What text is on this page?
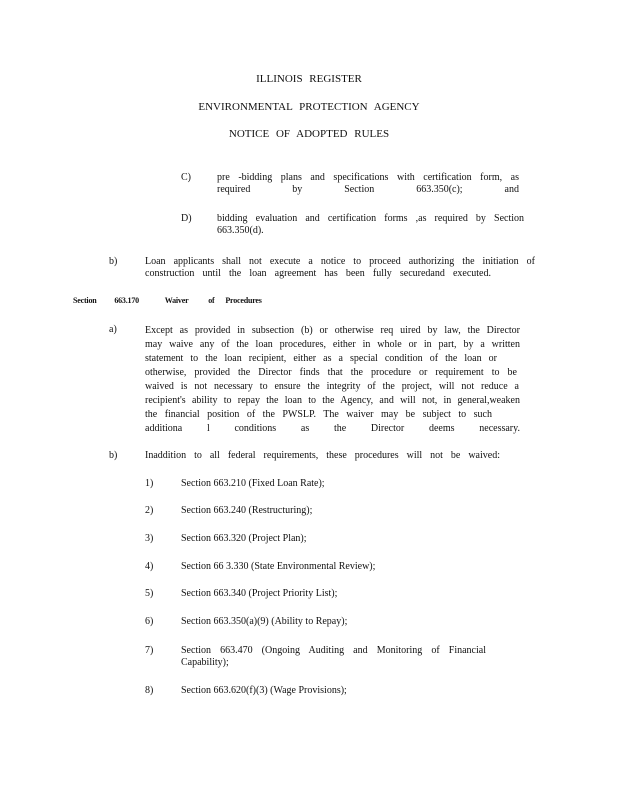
ILLINOIS REGISTER
ENVIRONMENTAL PROTECTION AGENCY
NOTICE OF ADOPTED RULES
C)	pre -bidding plans and specifications with certification form, as
required by Section 663.350(c); and
D)	bidding evaluation and certification forms ,as required by Section
663.350(d).
b)	Loan applicants shall not execute a notice to proceed authorizing the initiation of
construction until the loan agreement has been fully securedand executed.
Section 663.170	Waiver of Procedures
a)	Except as provided in subsection (b) or otherwise req uired by law, the Director
may waive any of the loan procedures, either in whole or in part, by a written
statement to the loan recipient, either as a special condition of the loan or
otherwise, provided the Director finds that the procedure or requirement to be
waived is not necessary to ensure the integrity of the project, will not reduce a
recipient's ability to repay the loan to the Agency, and will not, in general,weaken
the financial position of the PWSLP. The waiver may be subject to such
additiona l conditions as the Director deems necessary.
b)	Inaddition to all federal requirements, these procedures will not be waived:
1)	Section 663.210 (Fixed Loan Rate);
2)	Section 663.240 (Restructuring);
3)	Section 663.320 (Project Plan);
4)	Section 66 3.330 (State Environmental Review);
5)	Section 663.340 (Project Priority List);
6)	Section 663.350(a)(9) (Ability to Repay);
7)	Section 663.470 (Ongoing Auditing and Monitoring of Financial
Capability);
8)	Section 663.620(f)(3) (Wage Provisions);
